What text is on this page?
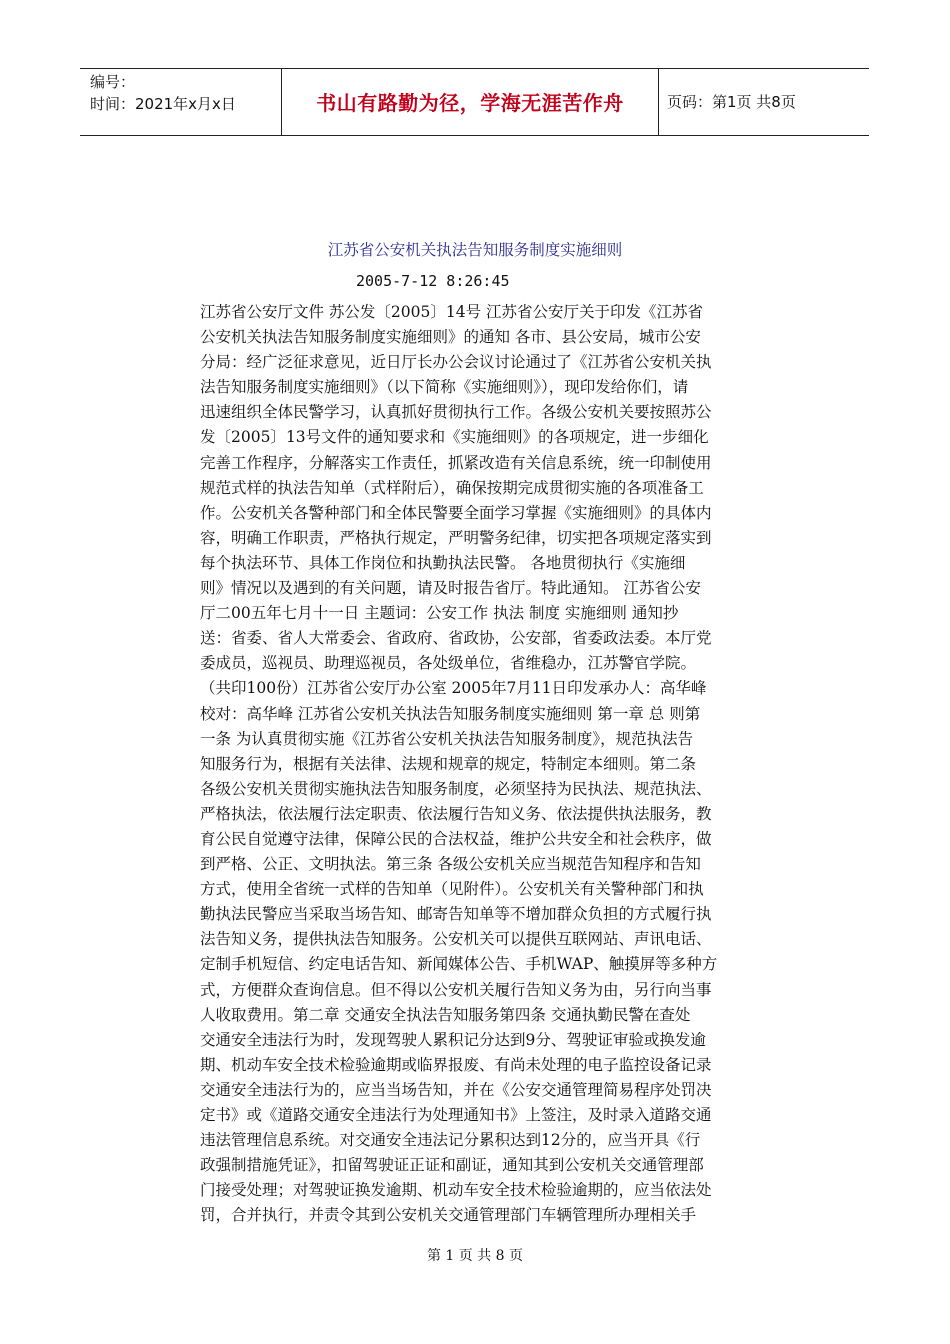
编号：
时间：2021年x月x日	书山有路勤为径，学海无涯苦作舟	页码：第1页 共8页
江苏省公安机关执法告知服务制度实施细则
2005-7-12 8:26:45
江苏省公安厅文件 苏公发〔2005〕14号 江苏省公安厅关于印发《江苏省
公安机关执法告知服务制度实施细则》的通知 各市、县公安局，城市公安
分局：经广泛征求意见，近日厅长办公会议讨论通过了《江苏省公安机关执
法告知服务制度实施细则》（以下简称《实施细则》），现印发给你们，请
迅速组织全体民警学习，认真抓好贯彻执行工作。各级公安机关要按照苏公
发〔2005〕13号文件的通知要求和《实施细则》的各项规定，进一步细化
完善工作程序，分解落实工作责任，抓紧改造有关信息系统，统一印制使用
规范式样的执法告知单（式样附后），确保按期完成贯彻实施的各项准备工
作。公安机关各警种部门和全体民警要全面学习掌握《实施细则》的具体内
容，明确工作职责，严格执行规定，严明警务纪律，切实把各项规定落实到
每个执法环节、具体工作岗位和执勤执法民警。 各地贯彻执行《实施细
则》情况以及遇到的有关问题，请及时报告省厅。特此通知。 江苏省公安
厅二00五年七月十一日 主题词：公安工作 执法 制度 实施细则 通知抄
送：省委、省人大常委会、省政府、省政协，公安部，省委政法委。本厅党
委成员，巡视员、助理巡视员，各处级单位，省维稳办，江苏警官学院。
（共印100份）江苏省公安厅办公室 2005年7月11日印发承办人：高华峰
校对：高华峰 江苏省公安机关执法告知服务制度实施细则 第一章 总 则第
一条 为认真贯彻实施《江苏省公安机关执法告知服务制度》，规范执法告
知服务行为，根据有关法律、法规和规章的规定，特制定本细则。第二条
各级公安机关贯彻实施执法告知服务制度，必须坚持为民执法、规范执法、
严格执法，依法履行法定职责、依法履行告知义务、依法提供执法服务，教
育公民自觉遵守法律，保障公民的合法权益，维护公共安全和社会秩序，做
到严格、公正、文明执法。第三条 各级公安机关应当规范告知程序和告知
方式，使用全省统一式样的告知单（见附件）。公安机关有关警种部门和执
勤执法民警应当采取当场告知、邮寄告知单等不增加群众负担的方式履行执
法告知义务，提供执法告知服务。公安机关可以提供互联网站、声讯电话、
定制手机短信、约定电话告知、新闻媒体公告、手机WAP、触摸屏等多种方
式，方便群众查询信息。但不得以公安机关履行告知义务为由，另行向当事
人收取费用。第二章 交通安全执法告知服务第四条 交通执勤民警在查处
交通安全违法行为时，发现驾驶人累积记分达到9分、驾驶证审验或换发逾
期、机动车安全技术检验逾期或临界报废、有尚未处理的电子监控设备记录
交通安全违法行为的，应当当场告知，并在《公安交通管理简易程序处罚决
定书》或《道路交通安全违法行为处理通知书》上签注，及时录入道路交通
违法管理信息系统。对交通安全违法记分累积达到12分的，应当开具《行
政强制措施凭证》，扣留驾驶证正证和副证，通知其到公安机关交通管理部
门接受处理；对驾驶证换发逾期、机动车安全技术检验逾期的，应当依法处
罚，合并执行，并责令其到公安机关交通管理部门车辆管理所办理相关手
第 1 页 共 8 页
